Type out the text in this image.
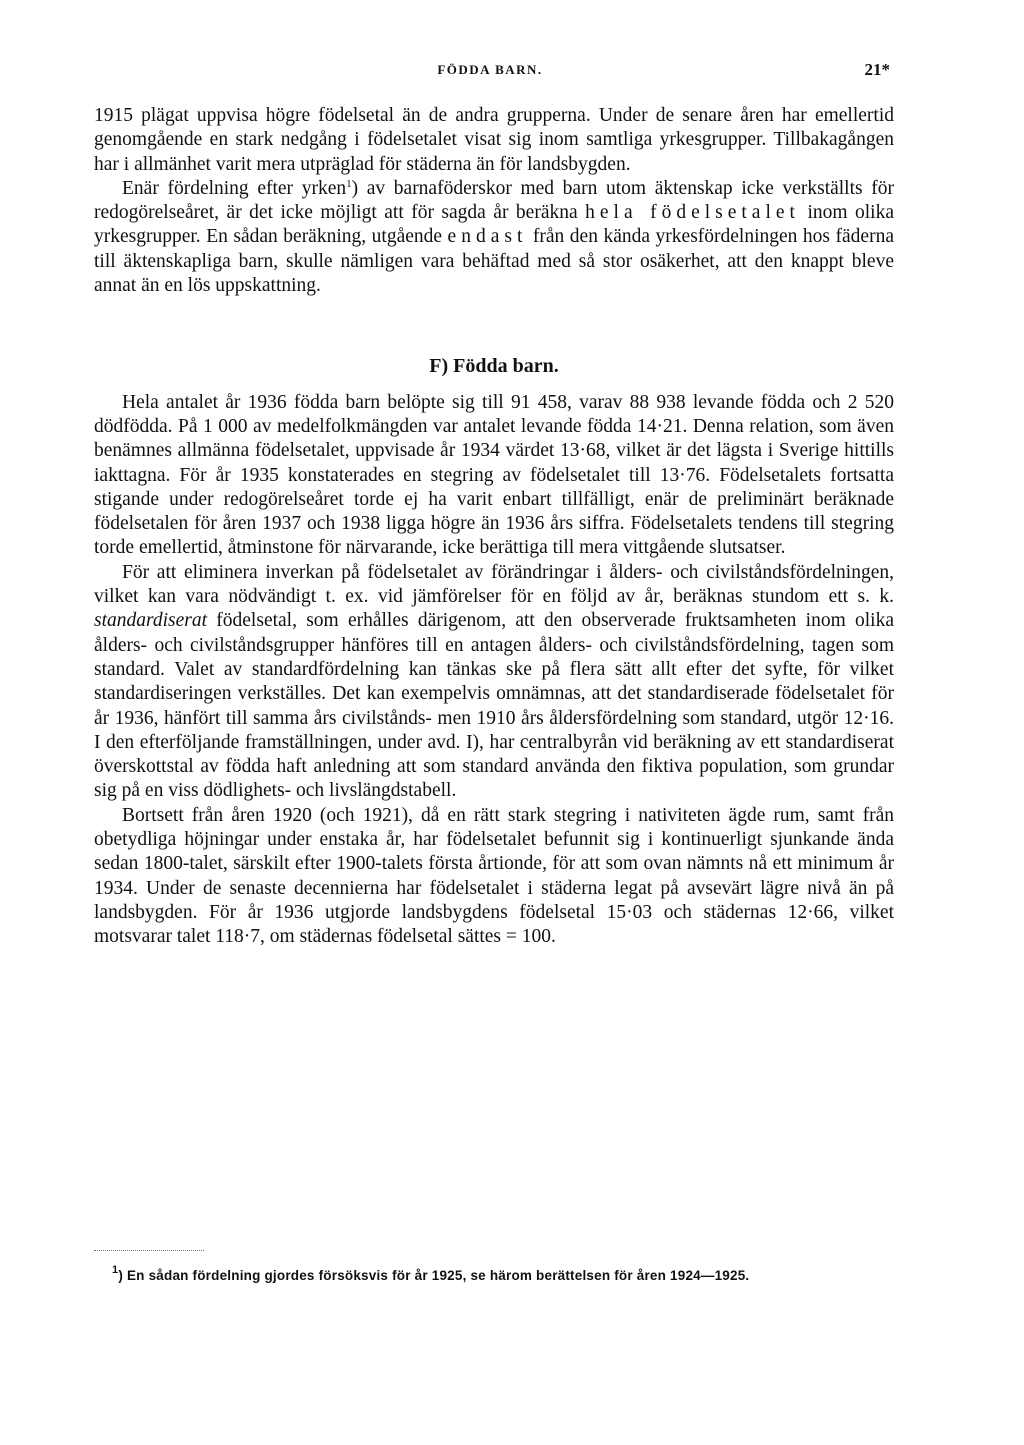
FÖDDA BARN.	21*

1915 plägat uppvisa högre födelsetal än de andra grupperna. Under de senare åren har emellertid genomgående en stark nedgång i födelsetalet visat sig inom samtliga yrkesgrupper. Tillbakagången har i allmänhet varit mera utpräglad för städerna än för landsbygden.

Enär fördelning efter yrken$^1$) av barnaföderskor med barn utom äktenskap icke verkställts för redogörelseåret, är det icke möjligt att för sagda år beräkna hela födelsetalet inom olika yrkesgrupper. En sådan beräkning, utgående endast från den kända yrkesfördelningen hos fäderna till äktenskapliga barn, skulle nämligen vara behäftad med så stor osäkerhet, att den knappt bleve annat än en lös uppskattning.

F) Födda barn.

Hela antalet år 1936 födda barn belöpte sig till 91 458, varav 88 938 levande födda och 2 520 dödfödda. På 1 000 av medelfolkmängden var antalet levande födda 14·21. Denna relation, som även benämnes allmänna födelsetalet, uppvisade år 1934 värdet 13·68, vilket är det lägsta i Sverige hittills iakttagna. För år 1935 konstaterades en stegring av födelsetalet till 13·76. Födelsetalets fortsatta stigande under redogörelseåret torde ej ha varit enbart tillfälligt, enär de preliminärt beräknade födelsetalen för åren 1937 och 1938 ligga högre än 1936 års siffra. Födelsetalets tendens till stegring torde emellertid, åtminstone för närvarande, icke berättiga till mera vittgående slutsatser.

För att eliminera inverkan på födelsetalet av förändringar i ålders- och civilståndsfördelningen, vilket kan vara nödvändigt t. ex. vid jämförelser för en följd av år, beräknas stundom ett s. k. standardiserat födelsetal, som erhålles därigenom, att den observerade fruktsamheten inom olika ålders- och civilståndsgrupper hänföres till en antagen ålders- och civilståndsfördelning, tagen som standard. Valet av standardfördelning kan tänkas ske på flera sätt allt efter det syfte, för vilket standardiseringen verkställes. Det kan exempelvis omnämnas, att det standardiserade födelsetalet för år 1936, hänfört till samma års civilstånds- men 1910 års åldersfördelning som standard, utgör 12·16. I den efterföljande framställningen, under avd. I), har centralbyrån vid beräkning av ett standardiserat överskottstal av födda haft anledning att som standard använda den fiktiva population, som grundar sig på en viss dödlighets- och livslängdstabell.

Bortsett från åren 1920 (och 1921), då en rätt stark stegring i nativiteten ägde rum, samt från obetydliga höjningar under enstaka år, har födelsetalet befunnit sig i kontinuerligt sjunkande ända sedan 1800-talet, särskilt efter 1900-talets första årtionde, för att som ovan nämnts nå ett minimum år 1934. Under de senaste decennierna har födelsetalet i städerna legat på avsevärt lägre nivå än på landsbygden. För år 1936 utgjorde landsbygdens födelsetal 15·03 och städernas 12·66, vilket motsvarar talet 118·7, om städernas födelsetal sättes = 100.

$^1$) En sådan fördelning gjordes försöksvis för år 1925, se härom berättelsen för åren 1924—1925.
